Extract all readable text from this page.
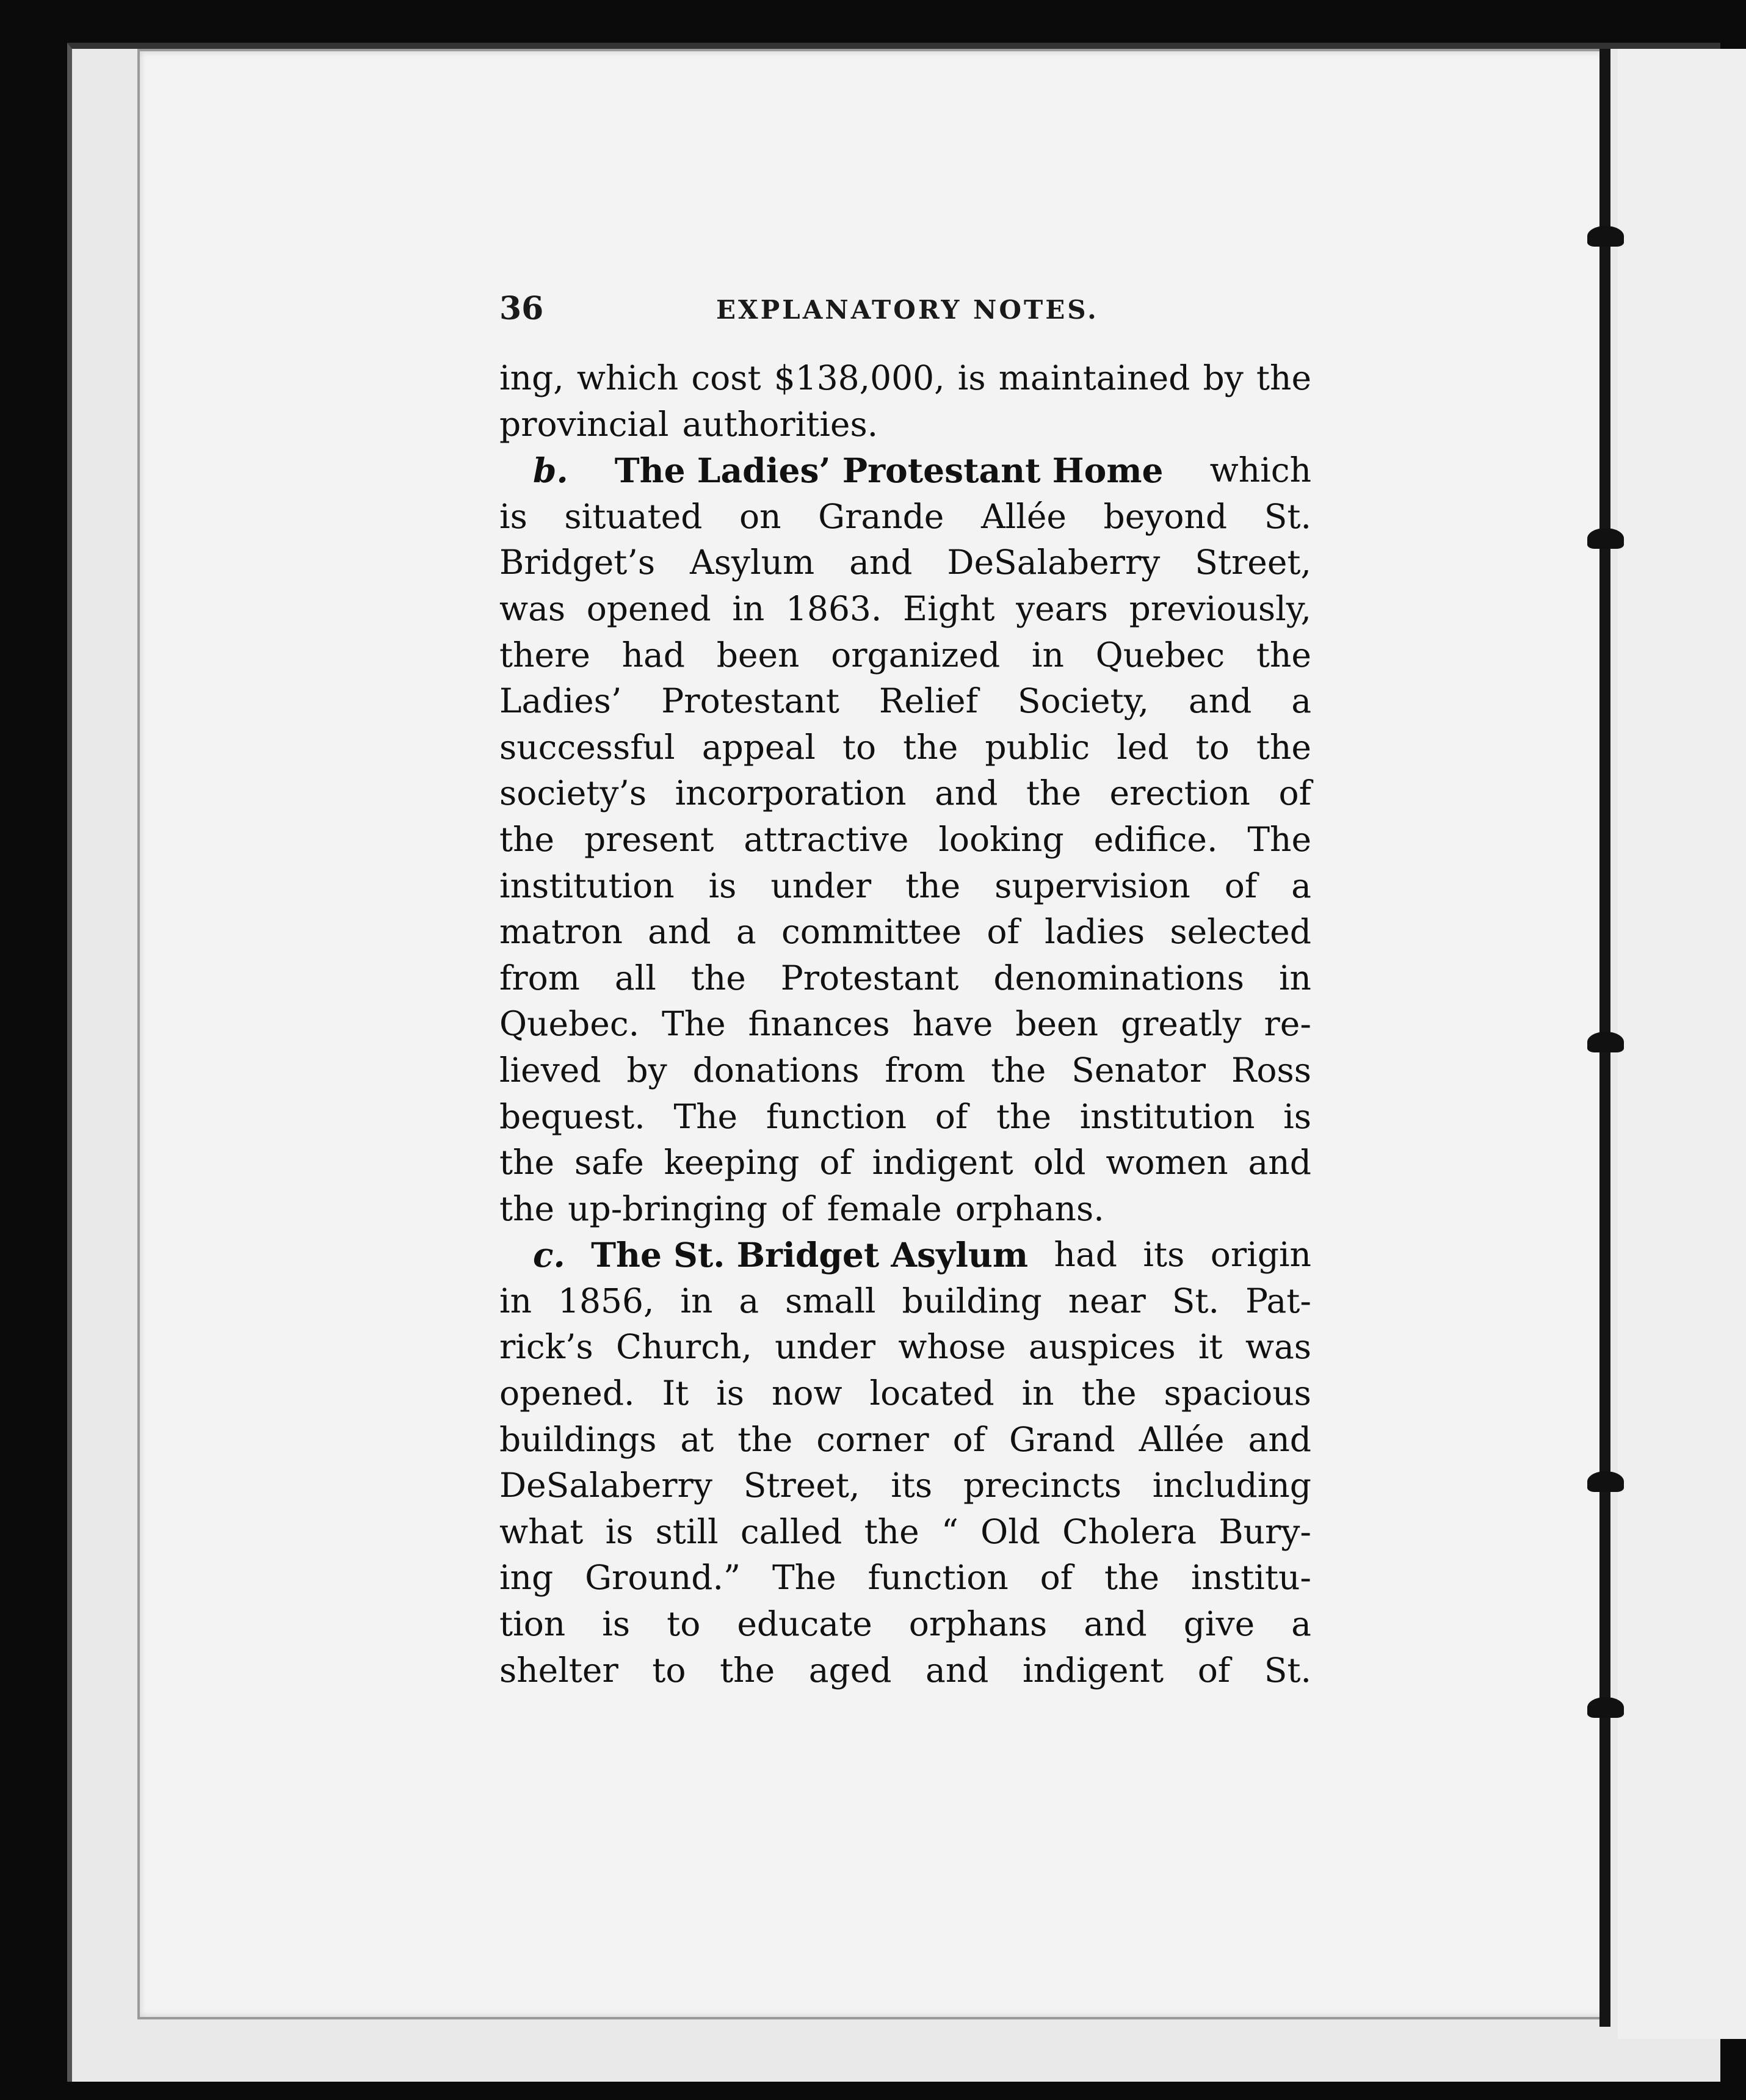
36	EXPLANATORY NOTES.
ing, which cost $138,000, is maintained by the
provincial authorities.
b. The Ladies’ Protestant Home which
is situated on Grande Allée beyond St.
Bridget’s Asylum and DeSalaberry Street,
was opened in 1863. Eight years previously,
there had been organized in Quebec the
Ladies’ Protestant Relief Society, and a
successful appeal to the public led to the
society’s incorporation and the erection of
the present attractive looking edifice. The
institution is under the supervision of a
matron and a committee of ladies selected
from all the Protestant denominations in
Quebec. The finances have been greatly re-
lieved by donations from the Senator Ross
bequest. The function of the institution is
the safe keeping of indigent old women and
the up-bringing of female orphans.
c. The St. Bridget Asylum had its origin
in 1856, in a small building near St. Pat-
rick’s Church, under whose auspices it was
opened. It is now located in the spacious
buildings at the corner of Grand Allée and
DeSalaberry Street, its precincts including
what is still called the “ Old Cholera Bury-
ing Ground.” The function of the institu-
tion is to educate orphans and give a
shelter to the aged and indigent of St.
